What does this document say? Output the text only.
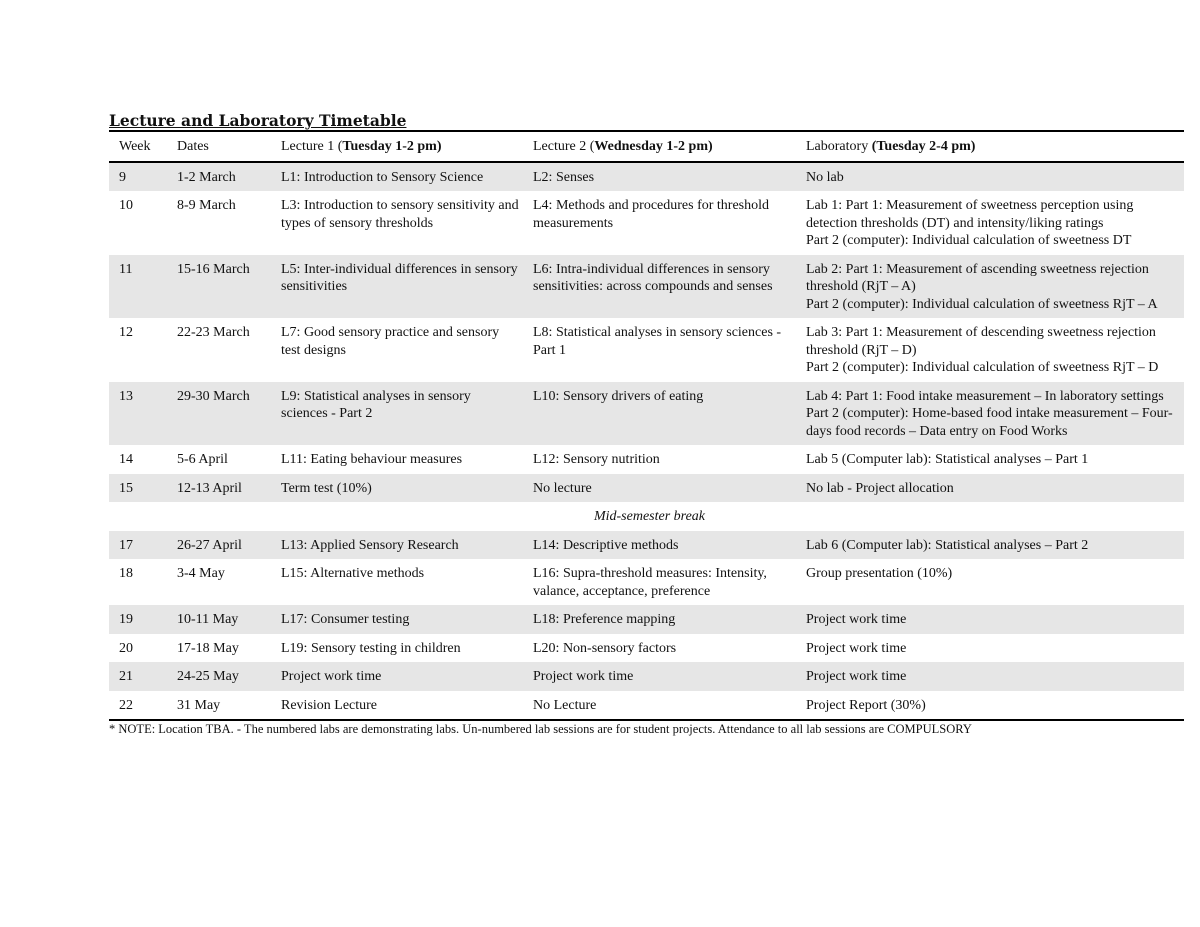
Lecture and Laboratory Timetable
Week	Dates	Lecture 1 (Tuesday 1-2 pm)	Lecture 2 (Wednesday 1-2 pm)	Laboratory (Tuesday 2-4 pm)
9	1-2 March	L1: Introduction to Sensory Science	L2: Senses	No lab

10	8-9 March	L3: Introduction to sensory sensitivity and types of sensory thresholds	L4: Methods and procedures for threshold measurements	Lab 1: Part 1: Measurement of sweetness perception using detection thresholds (DT) and intensity/liking ratings
Part 2 (computer): Individual calculation of sweetness DT

11	15-16 March	L5: Inter-individual differences in sensory sensitivities	L6: Intra-individual differences in sensory sensitivities: across compounds and senses	Lab 2: Part 1: Measurement of ascending sweetness rejection threshold (RjT – A)
Part 2 (computer): Individual calculation of sweetness RjT – A

12	22-23 March	L7: Good sensory practice and sensory test designs	L8: Statistical analyses in sensory sciences - Part 1	Lab 3: Part 1: Measurement of descending sweetness rejection threshold (RjT – D)
Part 2 (computer): Individual calculation of sweetness RjT – D

13	29-30 March	L9: Statistical analyses in sensory sciences - Part 2	L10: Sensory drivers of eating	Lab 4: Part 1: Food intake measurement – In laboratory settings
Part 2 (computer): Home-based food intake measurement – Four-days food records – Data entry on Food Works

14	5-6 April	L11: Eating behaviour measures	L12: Sensory nutrition	Lab 5 (Computer lab): Statistical analyses – Part 1

15	12-13 April	Term test (10%)	No lecture	No lab - Project allocation

Mid-semester break				
17	26-27 April	L13: Applied Sensory Research	L14: Descriptive methods	Lab 6 (Computer lab): Statistical analyses – Part 2

18	3-4 May	L15: Alternative methods	L16: Supra-threshold measures: Intensity, valance, acceptance, preference	Group presentation (10%)

19	10-11 May	L17: Consumer testing	L18: Preference mapping	Project work time

20	17-18 May	L19: Sensory testing in children	L20: Non-sensory factors	Project work time

21	24-25 May	Project work time	Project work time	Project work time

22	31 May	Revision Lecture	No Lecture	Project Report (30%)
* NOTE: Location TBA. - The numbered labs are demonstrating labs. Un-numbered lab sessions are for student projects. Attendance to all lab sessions are COMPULSORY
